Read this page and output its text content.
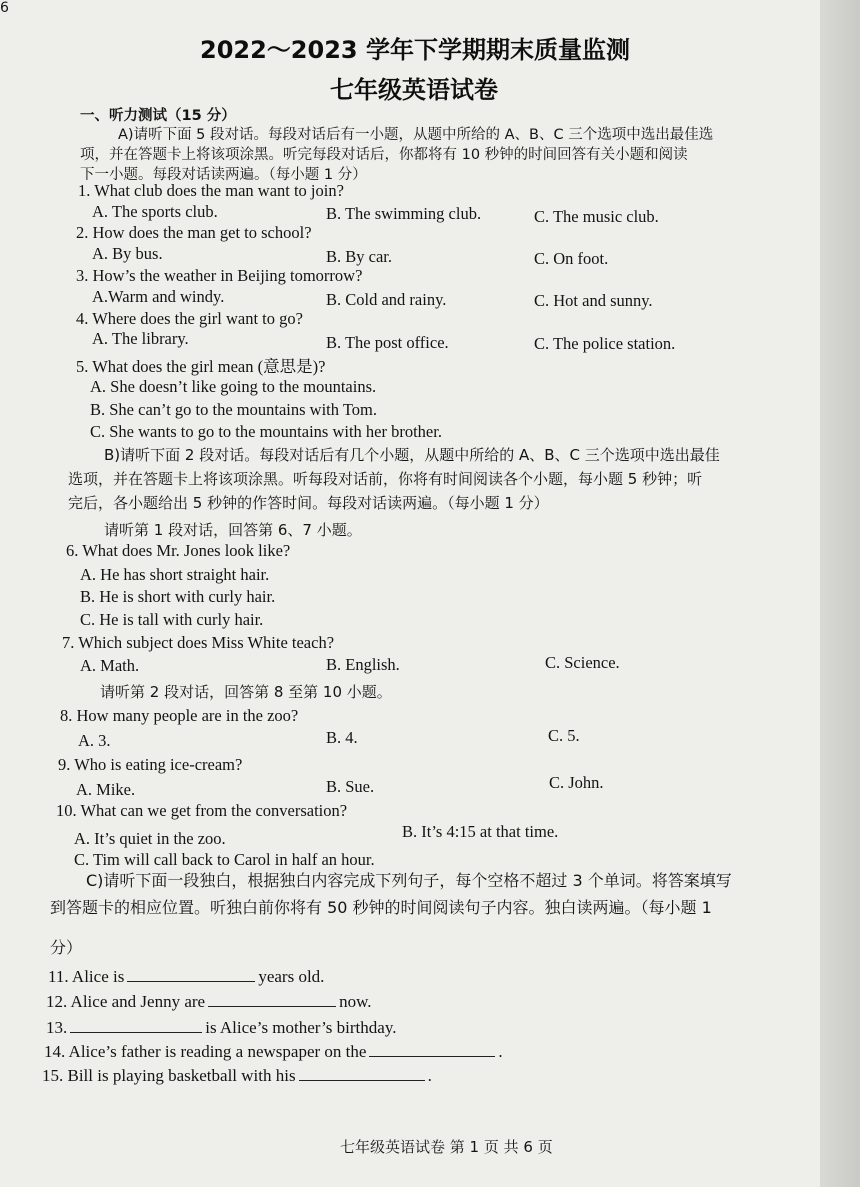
6
2022～2023 学年下学期期末质量监测
七年级英语试卷
一、听力测试（15 分）
A)请听下面 5 段对话。每段对话后有一小题，从题中所给的 A、B、C 三个选项中选出最佳选
项，并在答题卡上将该项涂黑。听完每段对话后，你都将有 10 秒钟的时间回答有关小题和阅读
下一小题。每段对话读两遍。（每小题 1 分）
1. What club does the man want to join?
A. The sports club.	B. The swimming club.	C. The music club.
2. How does the man get to school?
A. By bus.	B. By car.	C. On foot.
3. How’s the weather in Beijing tomorrow?
A.Warm and windy.	B. Cold and rainy.	C. Hot and sunny.
4. Where does the girl want to go?
A. The library.	B. The post office.	C. The police station.
5. What does the girl mean (意思是)?
A. She doesn’t like going to the mountains.
B. She can’t go to the mountains with Tom.
C. She wants to go to the mountains with her brother.
B)请听下面 2 段对话。每段对话后有几个小题，从题中所给的 A、B、C 三个选项中选出最佳
选项，并在答题卡上将该项涂黑。听每段对话前，你将有时间阅读各个小题，每小题 5 秒钟；听
完后，各小题给出 5 秒钟的作答时间。每段对话读两遍。（每小题 1 分）
请听第 1 段对话，回答第 6、7 小题。
6. What does Mr. Jones look like?
A. He has short straight hair.
B. He is short with curly hair.
C. He is tall with curly hair.
7. Which subject does Miss White teach?
A. Math.	B. English.	C. Science.
请听第 2 段对话，回答第 8 至第 10 小题。
8. How many people are in the zoo?
A. 3.	B. 4.	C. 5.
9. Who is eating ice-cream?
A. Mike.	B. Sue.	C. John.
10. What can we get from the conversation?
A. It’s quiet in the zoo.	B. It’s 4:15 at that time.
C. Tim will call back to Carol in half an hour.
C)请听下面一段独白，根据独白内容完成下列句子，每个空格不超过 3 个单词。将答案填写
到答题卡的相应位置。听独白前你将有 50 秒钟的时间阅读句子内容。独白读两遍。（每小题 1
分）
11. Alice is	years old.
12. Alice and Jenny are	now.
13.	is Alice’s mother’s birthday.
14. Alice’s father is reading a newspaper on the	.
15. Bill is playing basketball with his	.
七年级英语试卷 第 1 页 共 6 页
